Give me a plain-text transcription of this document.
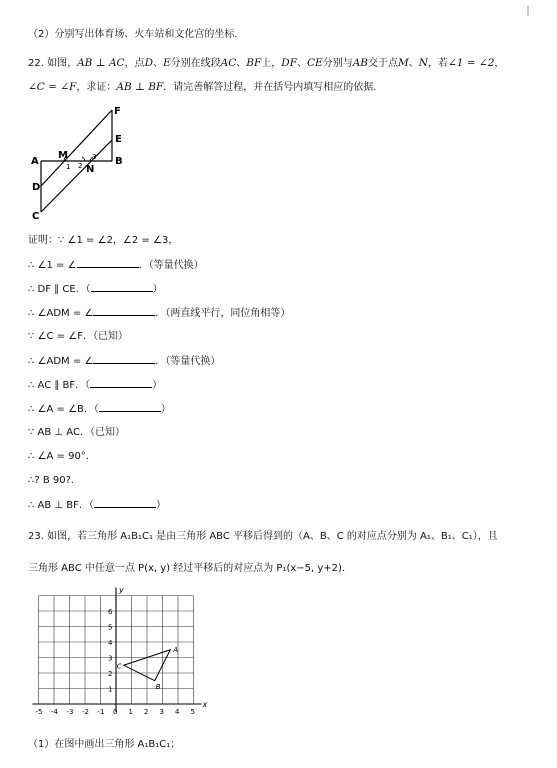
（2）分别写出体育场、火车站和文化宫的坐标.
22. 如图，AB ⊥ AC，点D、E分别在线段AC、BF上，DF、CE分别与AB交于点M、N，若∠1 = ∠2，
∠C = ∠F，求证：AB ⊥ BF．请完善解答过程，并在括号内填写相应的依据．
A	B
C
D
E
F
M
N
1 2
3
证明：∵ ∠1 = ∠2，∠2 = ∠3，
∴ ∠1 = ∠	．（等量代换）
∴ DF ∥ CE．（	）
∴ ∠ADM = ∠	．（两直线平行，同位角相等）
∵ ∠C = ∠F．（已知）
∴ ∠ADM = ∠	．（等量代换）
∴ AC ∥ BF．（	）
∴ ∠A = ∠B．（	）
∵ AB ⊥ AC．（已知）
∴ ∠A = 90°．
∴? B 90?．
∴ AB ⊥ BF．（	）
23. 如图，若三角形 A₁B₁C₁ 是由三角形 ABC 平移后得到的（A、B、C 的对应点分别为 A₁、B₁、C₁），且
三角形 ABC 中任意一点 P(x, y) 经过平移后的对应点为 P₁(x−5, y+2)．
x
y
-5 -4 -3 -2 -1 0 1 2 3 4 5
6
5
4
3
2
1
A
B
C
（1）在图中画出三角形 A₁B₁C₁；
